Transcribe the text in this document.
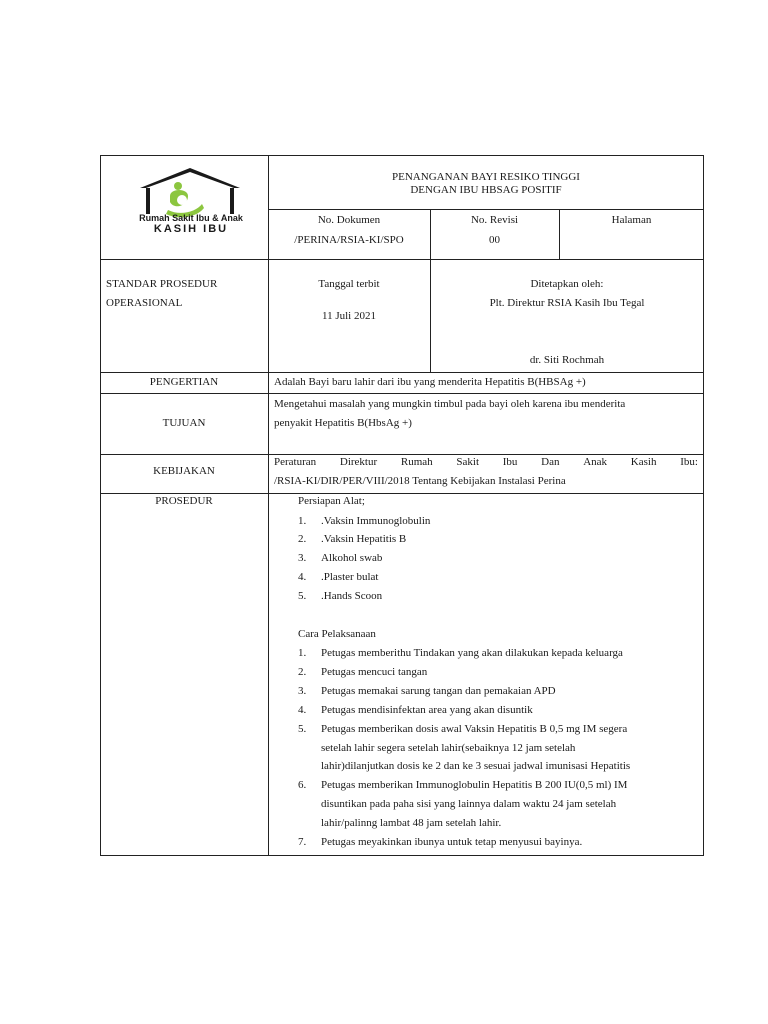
Rumah Sakit Ibu & Anak
KASIH IBU
PENANGANAN BAYI RESIKO TINGGI
DENGAN IBU HBSAG POSITIF
No. Dokumen
/PERINA/RSIA-KI/SPO
No. Revisi
00
Halaman
STANDAR PROSEDUR
OPERASIONAL
Tanggal terbit
11 Juli 2021
Ditetapkan oleh:
Plt. Direktur RSIA Kasih Ibu Tegal
dr. Siti Rochmah
PENGERTIAN	Adalah Bayi baru lahir dari ibu yang menderita Hepatitis B(HBSAg +)
TUJUAN
Mengetahui masalah yang mungkin timbul pada bayi oleh karena ibu menderita
penyakit Hepatitis B(HbsAg +)
KEBIJAKAN
Peraturan Direktur Rumah Sakit Ibu Dan Anak Kasih Ibu:
/RSIA-KI/DIR/PER/VIII/2018 Tentang Kebijakan Instalasi Perina
PROSEDUR	Persiapan Alat;
1. .Vaksin Immunoglobulin
2. .Vaksin Hepatitis B
3. Alkohol swab
4. .Plaster bulat
5. .Hands Scoon
Cara Pelaksanaan
1. Petugas memberithu Tindakan yang akan dilakukan kepada keluarga
2. Petugas mencuci tangan
3. Petugas memakai sarung tangan dan pemakaian APD
4. Petugas mendisinfektan area yang akan disuntik
5. Petugas memberikan dosis awal Vaksin Hepatitis B 0,5 mg IM segera
setelah lahir segera setelah lahir(sebaiknya 12 jam setelah
lahir)dilanjutkan dosis ke 2 dan ke 3 sesuai jadwal imunisasi Hepatitis
6. Petugas memberikan Immunoglobulin Hepatitis B 200 IU(0,5 ml) IM
disuntikan pada paha sisi yang lainnya dalam waktu 24 jam setelah
lahir/palinng lambat 48 jam setelah lahir.
7. Petugas meyakinkan ibunya untuk tetap menyusui bayinya.
